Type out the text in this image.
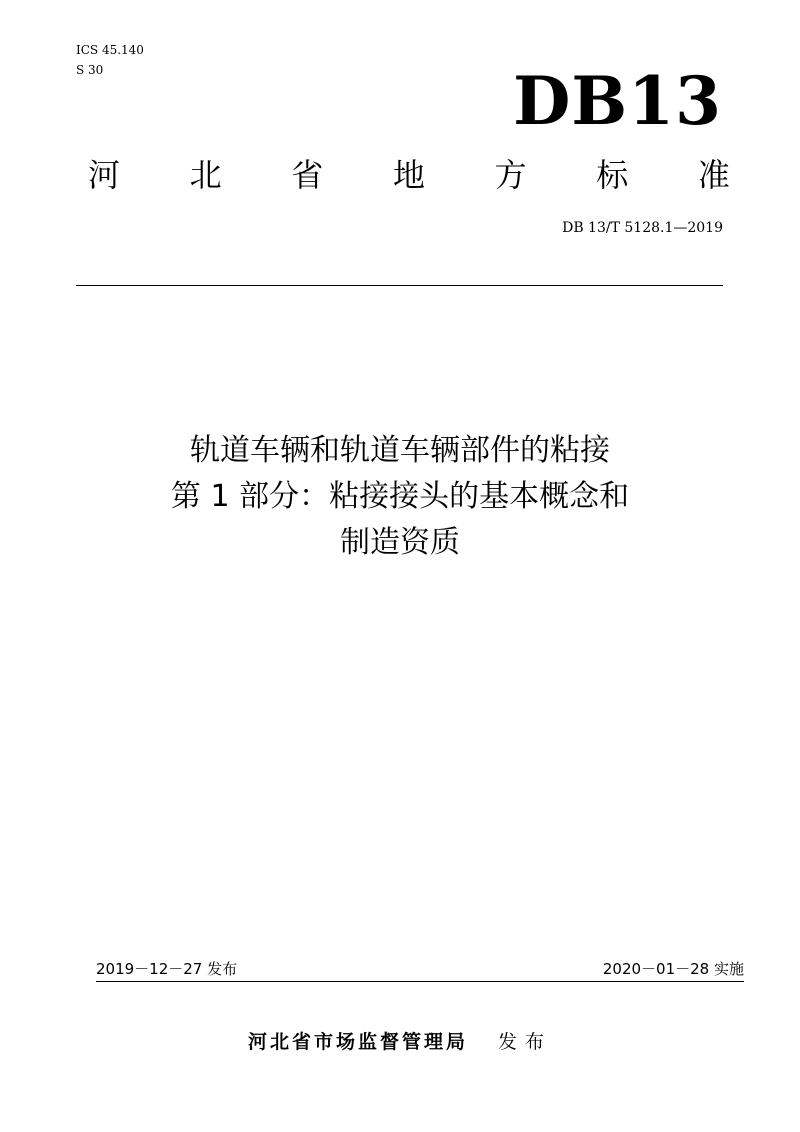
ICS 45.140
S 30	DB13
河 北 省 地 方 标 准
DB 13/T 5128.1—2019
轨道车辆和轨道车辆部件的粘接
第 1 部分：粘接接头的基本概念和
制造资质
2019－12－27 发布	2020－01－28 实施
河北省市场监督管理局 发布
